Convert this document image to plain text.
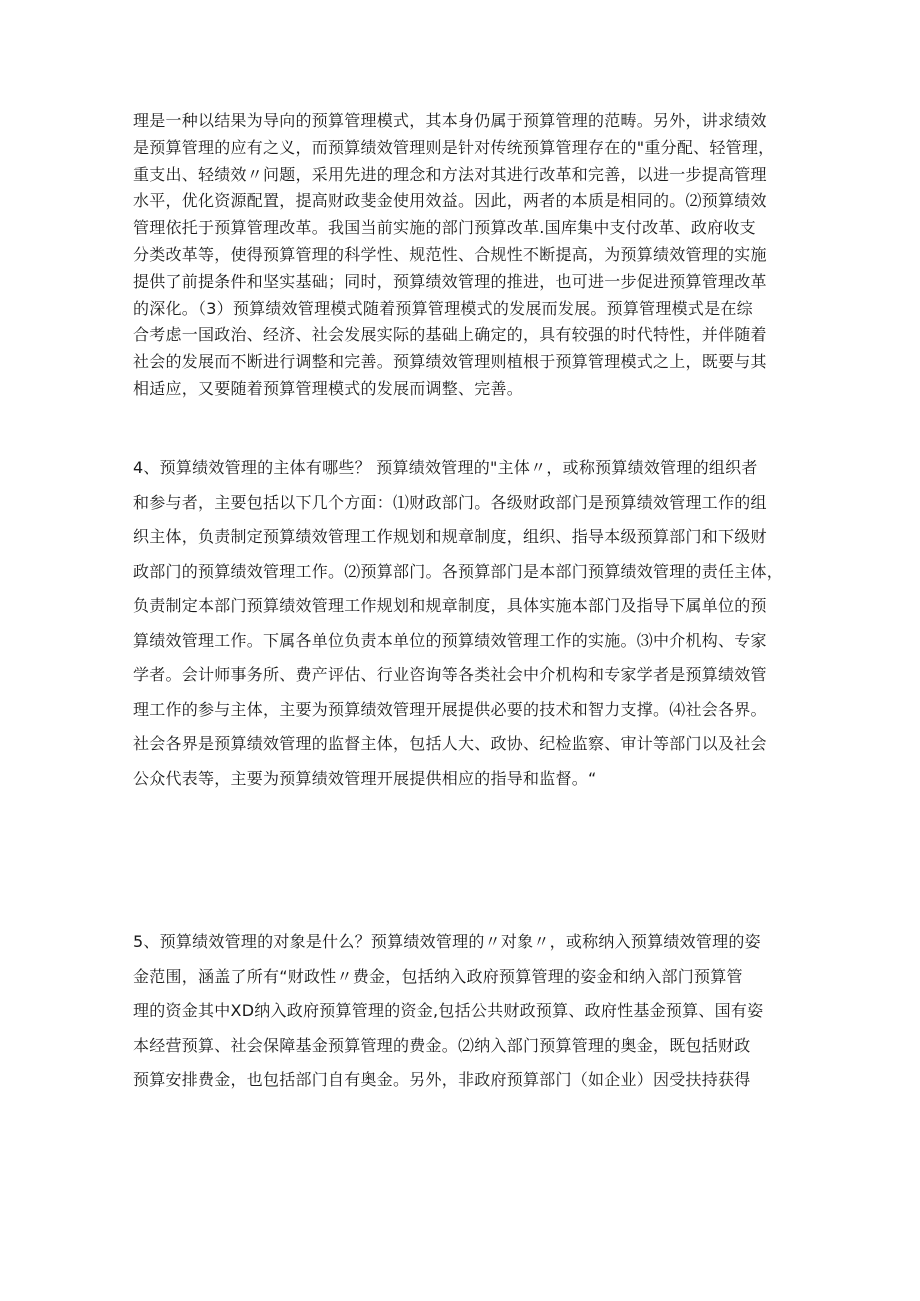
理是一种以结果为导向的预算管理模式，其本身仍属于预算管理的范畴。另外，讲求绩效
是预算管理的应有之义，而预算绩效管理则是针对传统预算管理存在的"重分配、轻管理，
重支出、轻绩效〃问题，采用先进的理念和方法对其进行改革和完善，以进一步提高管理
水平，优化资源配置，提高财政斐金使用效益。因此，两者的本质是相同的。⑵预算绩效
管理依托于预算管理改革。我国当前实施的部门预算改革.国库集中支付改革、政府收支
分类改革等，使得预算管理的科学性、规范性、合规性不断提高，为预算绩效管理的实施
提供了前提条件和坚实基础；同时，预算绩效管理的推进，也可进一步促进预算管理改革
的深化。（3）预算绩效管理模式随着预算管理模式的发展而发展。预算管理模式是在综
合考虑一国政治、经济、社会发展实际的基础上确定的，具有较强的时代特性，并伴随着
社会的发展而不断进行调整和完善。预算绩效管理则植根于预算管理模式之上，既要与其
相适应，又要随着预算管理模式的发展而调整、完善。
4、预算绩效管理的主体有哪些？ 预算绩效管理的"主体〃，或称预算绩效管理的组织者
和参与者，主要包括以下几个方面：⑴财政部门。各级财政部门是预算绩效管理工作的组
织主体，负责制定预算绩效管理工作规划和规章制度，组织、指导本级预算部门和下级财
政部门的预算绩效管理工作。⑵预算部门。各预算部门是本部门预算绩效管理的责任主体，
负责制定本部门预算绩效管理工作规划和规章制度，具体实施本部门及指导下属单位的预
算绩效管理工作。下属各单位负责本单位的预算绩效管理工作的实施。⑶中介机构、专家
学者。会计师事务所、费产评估、行业咨询等各类社会中介机构和专家学者是预算绩效管
理工作的参与主体，主要为预算绩效管理开展提供必要的技术和智力支撑。⑷社会各界。
社会各界是预算绩效管理的监督主体，包括人大、政协、纪检监察、审计等部门以及社会
公众代表等，主要为预算绩效管理开展提供相应的指导和监督。“
5、预算绩效管理的对象是什么？预算绩效管理的〃对象〃，或称纳入预算绩效管理的姿
金范围，涵盖了所有“财政性〃费金，包括纳入政府预算管理的姿金和纳入部门预算管
理的资金其中XD纳入政府预算管理的资金,包括公共财政预算、政府性基金预算、国有姿
本经营预算、社会保障基金预算管理的费金。⑵纳入部门预算管理的奥金，既包括财政
预算安排费金，也包括部门自有奥金。另外，非政府预算部门（如企业）因受扶持获得
